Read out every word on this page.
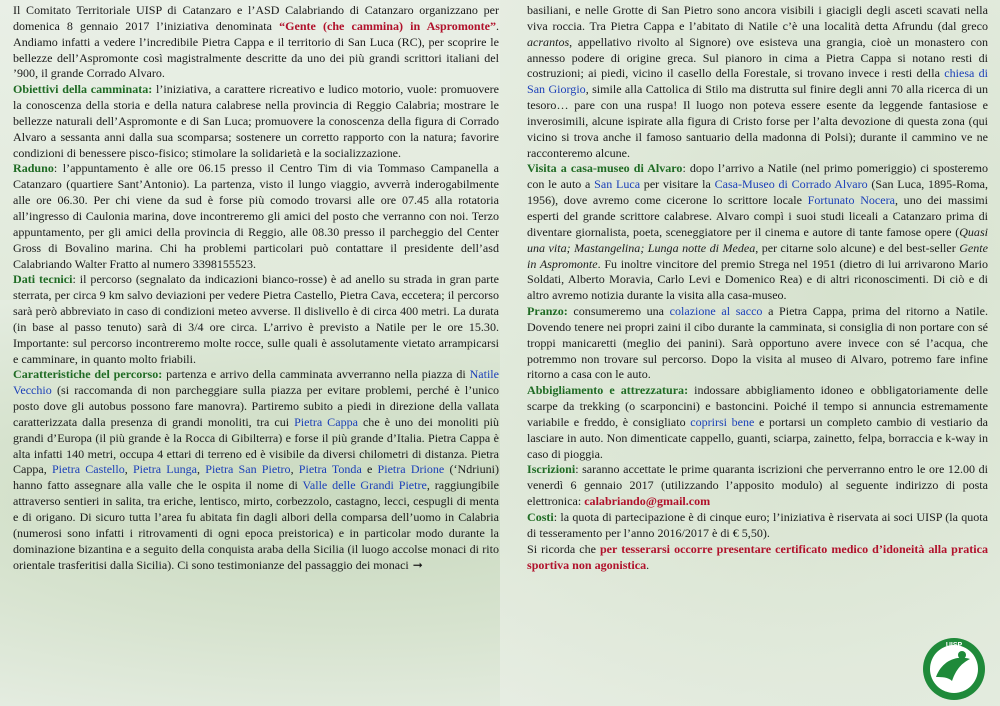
Il Comitato Territoriale UISP di Catanzaro e l’ASD Calabriando di Catanzaro organizzano per domenica 8 gennaio 2017 l’iniziativa denominata “Gente (che cammina) in Aspromonte”. Andiamo infatti a vedere l’incredibile Pietra Cappa e il territorio di San Luca (RC), per scoprire le bellezze dell’Aspromonte così magistralmente descritte da uno dei più grandi scrittori italiani del ’900, il grande Corrado Alvaro.

Obiettivi della camminata: l’iniziativa, a carattere ricreativo e ludico motorio, vuole: promuovere la conoscenza della storia e della natura calabrese nella provincia di Reggio Calabria; mostrare le bellezze naturali dell’Aspromonte e di San Luca; promuovere la conoscenza della figura di Corrado Alvaro a sessanta anni dalla sua scomparsa; sostenere un corretto rapporto con la natura; favorire condizioni di benessere pisco-fisico; stimolare la solidarietà e la socializzazione.

Raduno: l’appuntamento è alle ore 06.15 presso il Centro Tim di via Tommaso Campanella a Catanzaro (quartiere Sant’Antonio). La partenza, visto il lungo viaggio, avverrà inderogabilmente alle ore 06.30. Per chi viene da sud è forse più comodo trovarsi alle ore 07.45 alla rotatoria all’ingresso di Caulonia marina, dove incontreremo gli amici del posto che verranno con noi. Terzo appuntamento, per gli amici della provincia di Reggio, alle 08.30 presso il parcheggio del Center Gross di Bovalino marina. Chi ha problemi particolari può contattare il presidente dell’asd Calabriando Walter Fratto al numero 3398155523.

Dati tecnici: il percorso (segnalato da indicazioni bianco-rosse) è ad anello su strada in gran parte sterrata, per circa 9 km salvo deviazioni per vedere Pietra Castello, Pietra Cava, eccetera; il percorso sarà però abbreviato in caso di condizioni meteo avverse. Il dislivello è di circa 400 metri. La durata (in base al passo tenuto) sarà di 3/4 ore circa. L’arrivo è previsto a Natile per le ore 15.30. Importante: sul percorso incontreremo molte rocce, sulle quali è assolutamente vietato arrampicarsi e camminare, in quanto molto friabili.

Caratteristiche del percorso: partenza e arrivo della camminata avverranno nella piazza di Natile Vecchio (si raccomanda di non parcheggiare sulla piazza per evitare problemi, perché è l’unico posto dove gli autobus possono fare manovra). Partiremo subito a piedi in direzione della vallata caratterizzata dalla presenza di grandi monoliti, tra cui Pietra Cappa che è uno dei monoliti più grandi d’Europa (il più grande è la Rocca di Gibilterra) e forse il più grande d’Italia. Pietra Cappa è alta infatti 140 metri, occupa 4 ettari di terreno ed è visibile da diversi chilometri di distanza. Pietra Cappa, Pietra Castello, Pietra Lunga, Pietra San Pietro, Pietra Tonda e Pietra Drione (‘Ndriuni) hanno fatto assegnare alla valle che le ospita il nome di Valle delle Grandi Pietre, raggiungibile attraverso sentieri in salita, tra eriche, lentisco, mirto, corbezzolo, castagno, lecci, cespugli di menta e di origano. Di sicuro tutta l’area fu abitata fin dagli albori della comparsa dell’uomo in Calabria (numerosi sono infatti i ritrovamenti di ogni epoca preistorica) e in particolar modo durante la dominazione bizantina e a seguito della conquista araba della Sicilia (il luogo accolse monaci di rito orientale trasferitisi dalla Sicilia). Ci sono testimonianze del passaggio dei monaci ➞

basiliani, e nelle Grotte di San Pietro sono ancora visibili i giacigli degli asceti scavati nella viva roccia. Tra Pietra Cappa e l’abitato di Natile c’è una località detta Afrundu (dal greco acrantos, appellativo rivolto al Signore) ove esisteva una grangia, cioè un monastero con annesso podere di origine greca. Sul pianoro in cima a Pietra Cappa si notano resti di costruzioni; ai piedi, vicino il casello della Forestale, si trovano invece i resti della chiesa di San Giorgio, simile alla Cattolica di Stilo ma distrutta sul finire degli anni 70 alla ricerca di un tesoro… pare con una ruspa! Il luogo non poteva essere esente da leggende fantasiose e inverosimili, alcune ispirate alla figura di Cristo forse per l’alta devozione di questa zona (qui vicino si trova anche il famoso santuario della madonna di Polsi); durante il cammino ve ne racconteremo alcune.

Visita a casa-museo di Alvaro: dopo l’arrivo a Natile (nel primo pomeriggio) ci sposteremo con le auto a San Luca per visitare la Casa-Museo di Corrado Alvaro (San Luca, 1895-Roma, 1956), dove avremo come cicerone lo scrittore locale Fortunato Nocera, uno dei massimi esperti del grande scrittore calabrese. Alvaro compì i suoi studi liceali a Catanzaro prima di diventare giornalista, poeta, sceneggiatore per il cinema e autore di tante famose opere (Quasi una vita; Mastangelina; Lunga notte di Medea, per citarne solo alcune) e del best-seller Gente in Aspromonte. Fu inoltre vincitore del premio Strega nel 1951 (dietro di lui arrivarono Mario Soldati, Alberto Moravia, Carlo Levi e Domenico Rea) e di altri riconoscimenti. Di ciò e di altro avremo notizia durante la visita alla casa-museo.

Pranzo: consumeremo una colazione al sacco a Pietra Cappa, prima del ritorno a Natile. Dovendo tenere nei propri zaini il cibo durante la camminata, si consiglia di non portare con sé troppi manicaretti (meglio dei panini). Sarà opportuno avere invece con sé l’acqua, che potremmo non trovare sul percorso. Dopo la visita al museo di Alvaro, potremo fare infine ritorno a casa con le auto.

Abbigliamento e attrezzatura: indossare abbigliamento idoneo e obbligatoriamente delle scarpe da trekking (o scarponcini) e bastoncini. Poiché il tempo si annuncia estremamente variabile e freddo, è consigliato coprirsi bene e portarsi un completo cambio di vestiario da lasciare in auto. Non dimenticate cappello, guanti, sciarpa, zainetto, felpa, borraccia e k-way in caso di pioggia.

Iscrizioni: saranno accettate le prime quaranta iscrizioni che perverranno entro le ore 12.00 di venerdì 6 gennaio 2017 (utilizzando l’apposito modulo) al seguente indirizzo di posta elettronica: calabriando@gmail.com

Costi: la quota di partecipazione è di cinque euro; l’iniziativa è riservata ai soci UISP (la quota di tesseramento per l’anno 2016/2017 è di € 5,50).

Si ricorda che per tesserarsi occorre presentare certificato medico d’idoneità alla pratica sportiva non agonistica.

UISP
